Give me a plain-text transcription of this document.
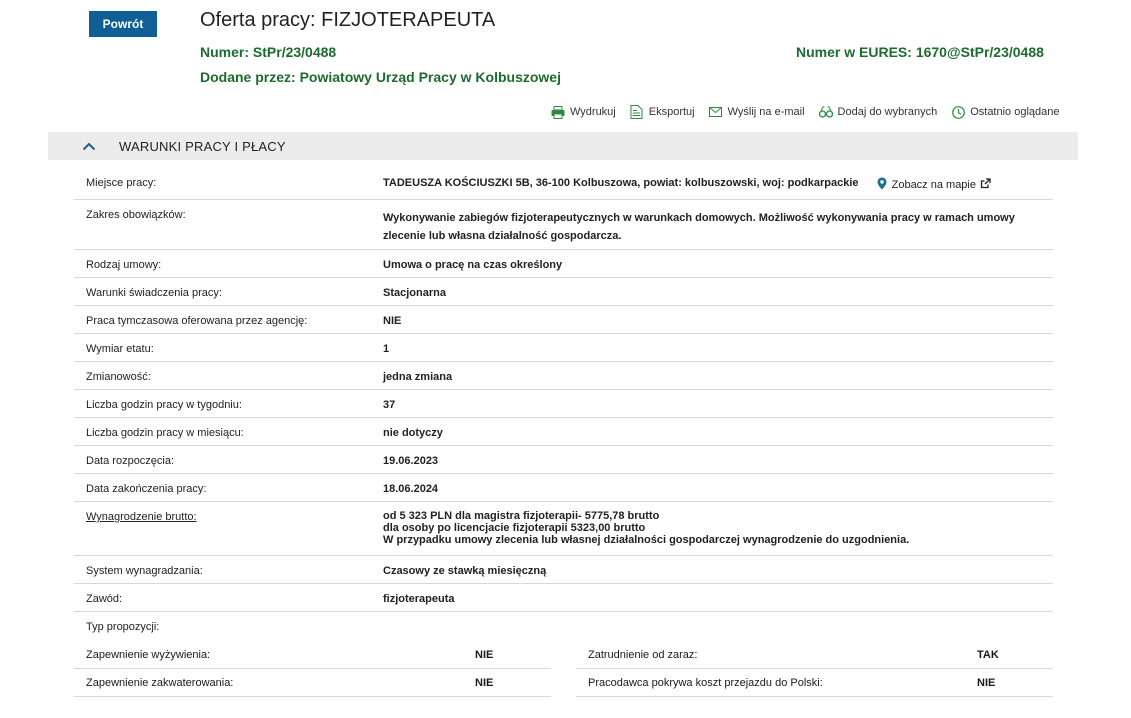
Powrót	Oferta pracy: FIZJOTERAPEUTA
Numer: StPr/23/0488	Numer w EURES: 1670@StPr/23/0488
Dodane przez: Powiatowy Urząd Pracy w Kolbuszowej
Wydrukuj	Eksportuj	Wyślij na e-mail	Dodaj do wybranych	Ostatnio oglądane
WARUNKI PRACY I PŁACY
Miejsce pracy:	TADEUSZA KOŚCIUSZKI 5B, 36-100 Kolbuszowa, powiat: kolbuszowski, woj: podkarpackie	Zobacz na mapie
Zakres obowiązków:	Wykonywanie zabiegów fizjoterapeutycznych w warunkach domowych. Możliwość wykonywania pracy w ramach umowy zlecenie lub własna działalność gospodarcza.
Rodzaj umowy:	Umowa o pracę na czas określony
Warunki świadczenia pracy:	Stacjonarna
Praca tymczasowa oferowana przez agencję:	NIE
Wymiar etatu:	1
Zmianowość:	jedna zmiana
Liczba godzin pracy w tygodniu:	37
Liczba godzin pracy w miesiącu:	nie dotyczy
Data rozpoczęcia:	19.06.2023
Data zakończenia pracy:	18.06.2024
Wynagrodzenie brutto:	od 5 323 PLN dla magistra fizjoterapii- 5775,78 brutto
dla osoby po licencjacie fizjoterapii 5323,00 brutto
W przypadku umowy zlecenia lub własnej działalności gospodarczej wynagrodzenie do uzgodnienia.
System wynagradzania:	Czasowy ze stawką miesięczną
Zawód:	fizjoterapeuta
Typ propozycji:
Zapewnienie wyżywienia:	NIE	Zatrudnienie od zaraz:	TAK
Zapewnienie zakwaterowania:	NIE	Pracodawca pokrywa koszt przejazdu do Polski:	NIE
